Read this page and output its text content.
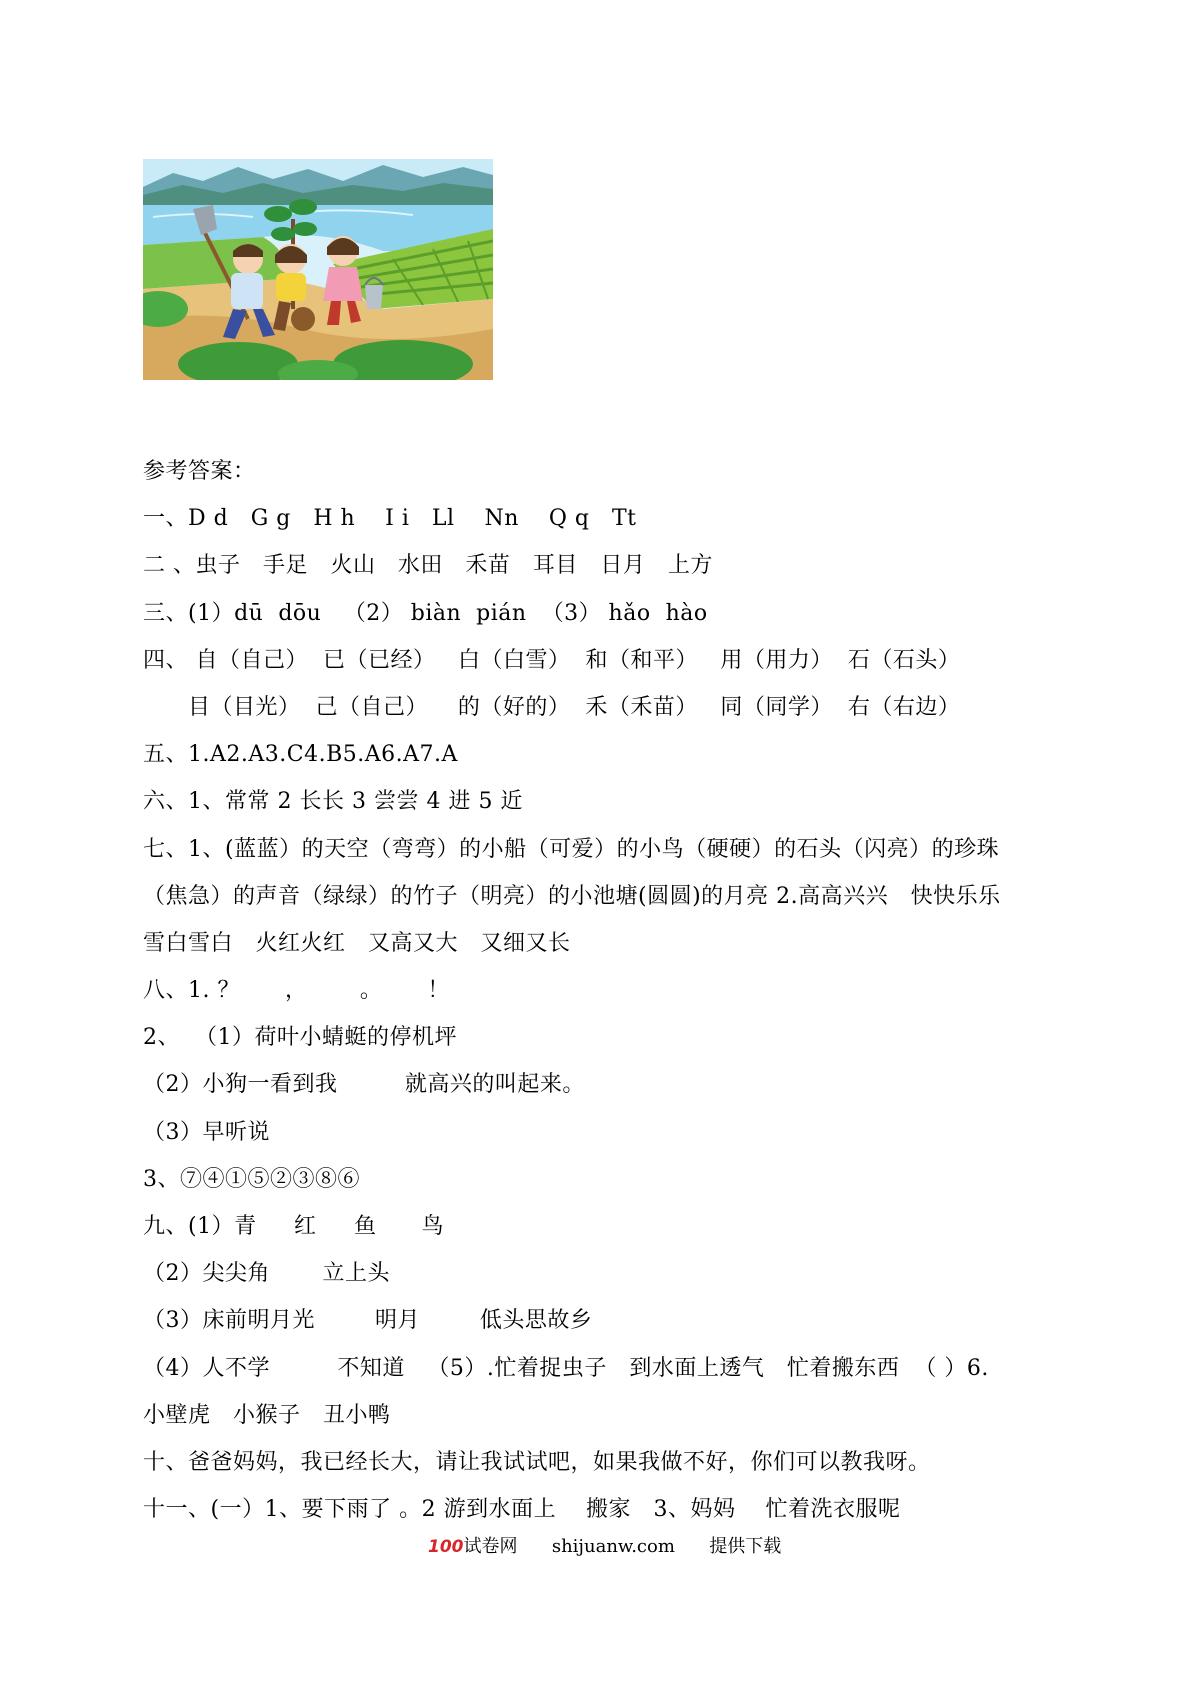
参考答案：
一、D d   G g   H h    I i   Ll    Nn    Q q   Tt
二 、虫子   手足   火山   水田   禾苗   耳目   日月   上方
三、(1）dū  dōu   （2） biàn  pián  （3） hǎo  hào
四、 自（自己）  已（已经）   白（白雪）  和（和平）   用（用力）  石（石头）
目（目光）  己（自己）    的（好的）  禾（禾苗）   同（同学）  右（右边）
五、1.A2.A3.C4.B5.A6.A7.A
六、1、常常 2 长长 3 尝尝 4 进 5 近
七、1、(蓝蓝）的天空（弯弯）的小船（可爱）的小鸟（硬硬）的石头（闪亮）的珍珠
（焦急）的声音（绿绿）的竹子（明亮）的小池塘(圆圆)的月亮 2.高高兴兴   快快乐乐
雪白雪白   火红火红   又高又大   又细又长
八、1. ？      ，       。      ！
2、  （1）荷叶小蜻蜓的停机坪
（2）小狗一看到我         就高兴的叫起来。
（3）早听说
3、⑦④①⑤②③⑧⑥
九、(1）青     红     鱼      鸟
（2）尖尖角       立上头
（3）床前明月光        明月        低头思故乡
（4）人不学         不知道   （5）.忙着捉虫子   到水面上透气   忙着搬东西  （ ）6.
小壁虎   小猴子   丑小鸭
十、爸爸妈妈，我已经长大，请让我试试吧，如果我做不好，你们可以教我呀。
十一、(一）1、要下雨了 。2 游到水面上    搬家   3、妈妈    忙着洗衣服呢
100试卷网 shijuanw.com 提供下载
